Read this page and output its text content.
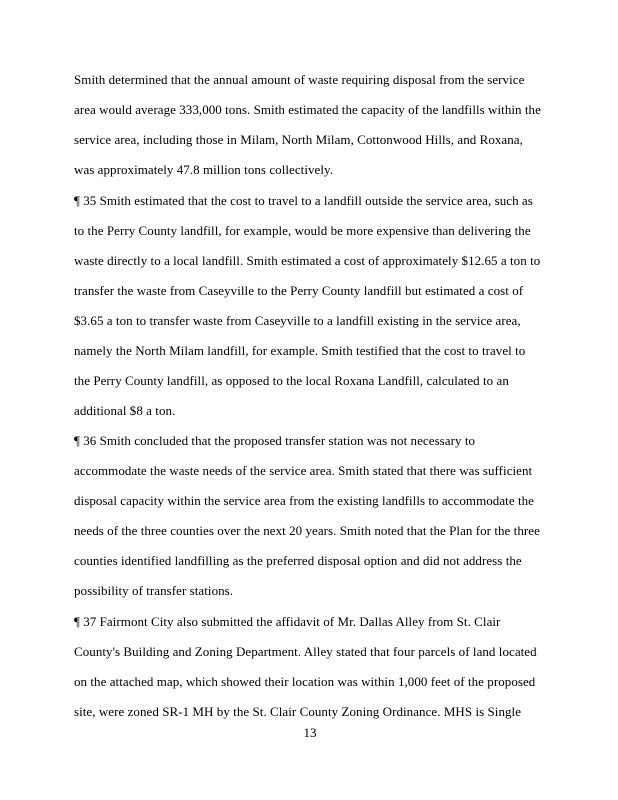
Smith determined that the annual amount of waste requiring disposal from the service
area would average 333,000 tons. Smith estimated the capacity of the landfills within the
service area, including those in Milam, North Milam, Cottonwood Hills, and Roxana,
was approximately 47.8 million tons collectively.
¶ 35 Smith estimated that the cost to travel to a landfill outside the service area, such as
to the Perry County landfill, for example, would be more expensive than delivering the
waste directly to a local landfill. Smith estimated a cost of approximately $12.65 a ton to
transfer the waste from Caseyville to the Perry County landfill but estimated a cost of
$3.65 a ton to transfer waste from Caseyville to a landfill existing in the service area,
namely the North Milam landfill, for example. Smith testified that the cost to travel to
the Perry County landfill, as opposed to the local Roxana Landfill, calculated to an
additional $8 a ton.
¶ 36 Smith concluded that the proposed transfer station was not necessary to
accommodate the waste needs of the service area. Smith stated that there was sufficient
disposal capacity within the service area from the existing landfills to accommodate the
needs of the three counties over the next 20 years. Smith noted that the Plan for the three
counties identified landfilling as the preferred disposal option and did not address the
possibility of transfer stations.
¶ 37 Fairmont City also submitted the affidavit of Mr. Dallas Alley from St. Clair
County's Building and Zoning Department. Alley stated that four parcels of land located
on the attached map, which showed their location was within 1,000 feet of the proposed
site, were zoned SR-1 MH by the St. Clair County Zoning Ordinance. MHS is Single
13
